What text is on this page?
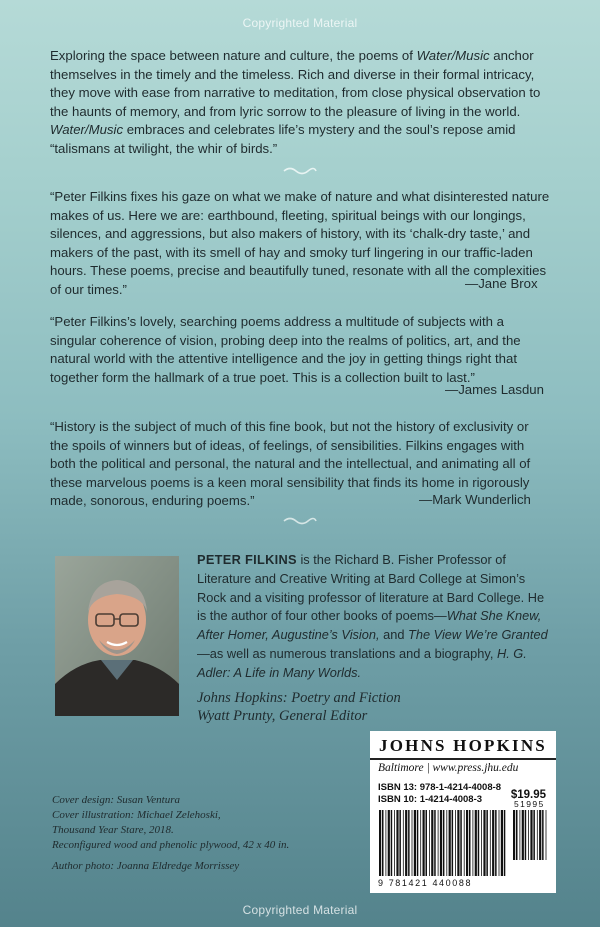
Copyrighted Material
Exploring the space between nature and culture, the poems of Water/Music anchor themselves in the timely and the timeless. Rich and diverse in their formal intricacy, they move with ease from narrative to meditation, from close physical observation to the haunts of memory, and from lyric sorrow to the pleasure of living in the world. Water/Music embraces and celebrates life’s mystery and the soul’s repose amid “talismans at twilight, the whir of birds.”
“Peter Filkins fixes his gaze on what we make of nature and what disinterested nature makes of us. Here we are: earthbound, fleeting, spiritual beings with our longings, silences, and aggressions, but also makers of history, with its ‘chalk-dry taste,’ and makers of the past, with its smell of hay and smoky turf lingering in our traffic-laden hours. These poems, precise and beautifully tuned, resonate with all the complexities of our times.”	—Jane Brox
“Peter Filkins’s lovely, searching poems address a multitude of subjects with a singular coherence of vision, probing deep into the realms of politics, art, and the natural world with the attentive intelligence and the joy in getting things right that together form the hallmark of a true poet. This is a collection built to last.”
—James Lasdun
“History is the subject of much of this fine book, but not the history of exclusivity or the spoils of winners but of ideas, of feelings, of sensibilities. Filkins engages with both the political and personal, the natural and the intellectual, and animating all of these marvelous poems is a keen moral sensibility that finds its home in rigorously made, sonorous, enduring poems.”	—Mark Wunderlich
PETER FILKINS is the Richard B. Fisher Professor of Literature and Creative Writing at Bard College at Simon’s Rock and a visiting professor of literature at Bard College. He is the author of four other books of poems—What She Knew, After Homer, Augustine’s Vision, and The View We’re Granted—as well as numerous translations and a biography, H. G. Adler: A Life in Many Worlds.
Johns Hopkins: Poetry and Fiction
Wyatt Prunty, General Editor
Cover design: Susan Ventura
Cover illustration: Michael Zelehoski,
Thousand Year Stare, 2018.
Reconfigured wood and phenolic plywood, 42 x 40 in.
Author photo: Joanna Eldredge Morrissey
JOHNS HOPKINS
Baltimore | www.press.jhu.edu
ISBN 13: 978-1-4214-4008-8
ISBN 10: 1-4214-4008-3	$19.95
9 781421 440088
51995
Copyrighted Material
